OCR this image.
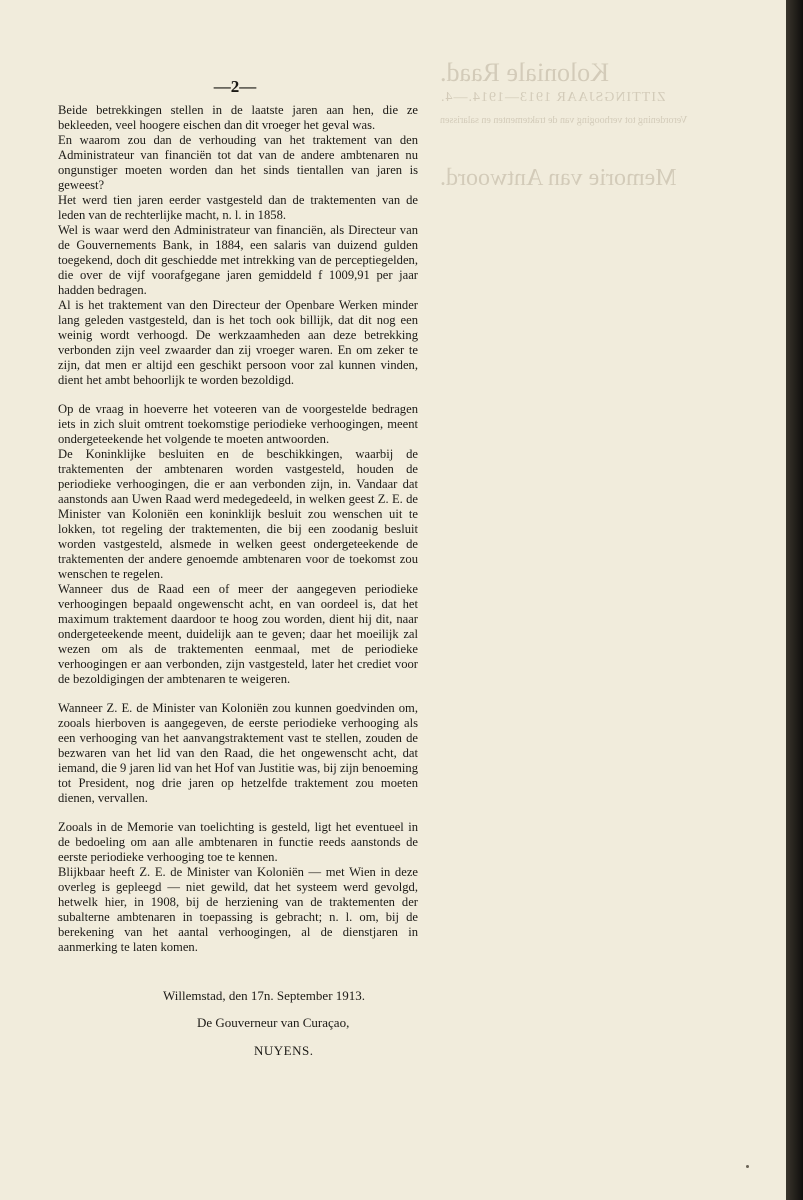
Koloniale Raad.
ZITTINGSJAAR 1913—1914.—4.
Verordening tot verhooging van de traktementen en salarissen
Memorie van Antwoord.
—2—

Beide betrekkingen stellen in de laatste jaren aan hen, die ze bekleeden, veel hoogere eischen dan dit vroeger het geval was.

En waarom zou dan de verhouding van het traktement van den Administrateur van financiën tot dat van de andere ambtenaren nu ongunstiger moeten worden dan het sinds tientallen van jaren is geweest?

Het werd tien jaren eerder vastgesteld dan de traktementen van de leden van de rechterlijke macht, n. l. in 1858.

Wel is waar werd den Administrateur van financiën, als Directeur van de Gouvernements Bank, in 1884, een salaris van duizend gulden toegekend, doch dit geschiedde met intrekking van de perceptiegelden, die over de vijf voorafgegane jaren gemiddeld f 1009,91 per jaar hadden bedragen.

Al is het traktement van den Directeur der Openbare Werken minder lang geleden vastgesteld, dan is het toch ook billijk, dat dit nog een weinig wordt verhoogd. De werkzaamheden aan deze betrekking verbonden zijn veel zwaarder dan zij vroeger waren. En om zeker te zijn, dat men er altijd een geschikt persoon voor zal kunnen vinden, dient het ambt behoorlijk te worden bezoldigd.

Op de vraag in hoeverre het voteeren van de voorgestelde bedragen iets in zich sluit omtrent toekomstige periodieke verhoogingen, meent ondergeteekende het volgende te moeten antwoorden.

De Koninklijke besluiten en de beschikkingen, waarbij de traktementen der ambtenaren worden vastgesteld, houden de periodieke verhoogingen, die er aan verbonden zijn, in. Vandaar dat aanstonds aan Uwen Raad werd medegedeeld, in welken geest Z. E. de Minister van Koloniën een koninklijk besluit zou wenschen uit te lokken, tot regeling der traktementen, die bij een zoodanig besluit worden vastgesteld, alsmede in welken geest ondergeteekende de traktementen der andere genoemde ambtenaren voor de toekomst zou wenschen te regelen.

Wanneer dus de Raad een of meer der aangegeven periodieke verhoogingen bepaald ongewenscht acht, en van oordeel is, dat het maximum traktement daardoor te hoog zou worden, dient hij dit, naar ondergeteekende meent, duidelijk aan te geven; daar het moeilijk zal wezen om als de traktementen eenmaal, met de periodieke verhoogingen er aan verbonden, zijn vastgesteld, later het crediet voor de bezoldigingen der ambtenaren te weigeren.

Wanneer Z. E. de Minister van Koloniën zou kunnen goedvinden om, zooals hierboven is aangegeven, de eerste periodieke verhooging als een verhooging van het aanvangstraktement vast te stellen, zouden de bezwaren van het lid van den Raad, die het ongewenscht acht, dat iemand, die 9 jaren lid van het Hof van Justitie was, bij zijn benoeming tot President, nog drie jaren op hetzelfde traktement zou moeten dienen, vervallen.

Zooals in de Memorie van toelichting is gesteld, ligt het eventueel in de bedoeling om aan alle ambtenaren in functie reeds aanstonds de eerste periodieke verhooging toe te kennen.

Blijkbaar heeft Z. E. de Minister van Koloniën — met Wien in deze overleg is gepleegd — niet gewild, dat het systeem werd gevolgd, hetwelk hier, in 1908, bij de herziening van de traktementen der subalterne ambtenaren in toepassing is gebracht; n. l. om, bij de berekening van het aantal verhoogingen, al de dienstjaren in aanmerking te laten komen.

Willemstad, den 17n. September 1913.
De Gouverneur van Curaçao,
NUYENS.
